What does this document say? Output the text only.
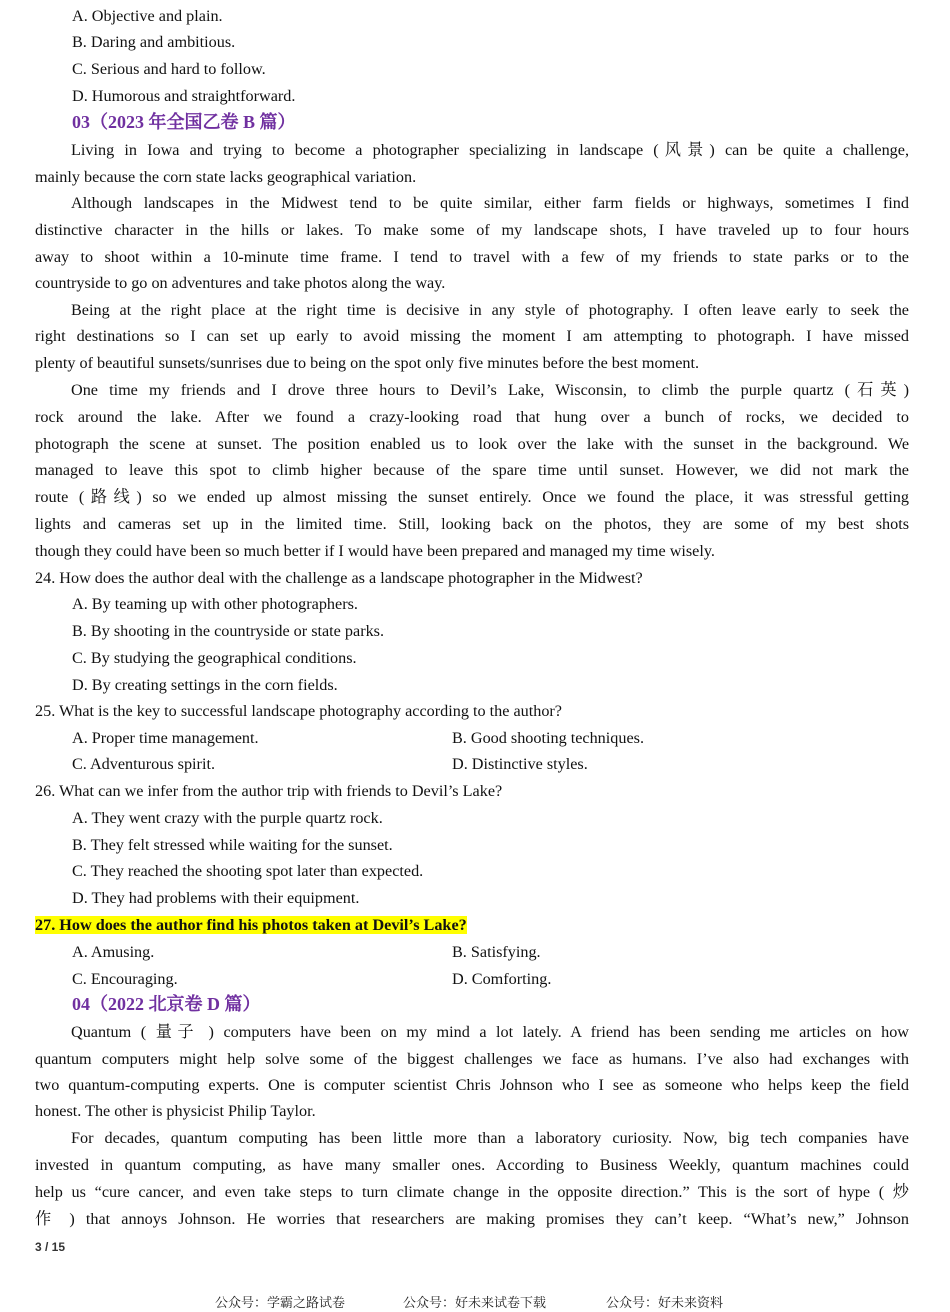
A. Objective and plain.
B. Daring and ambitious.
C. Serious and hard to follow.
D. Humorous and straightforward.
03（2023 年全国乙卷 B 篇）
Living in Iowa and trying to become a photographer specializing in landscape (风景) can be quite a challenge,
mainly because the corn state lacks geographical variation.
Although landscapes in the Midwest tend to be quite similar, either farm fields or highways, sometimes I find
distinctive character in the hills or lakes. To make some of my landscape shots, I have traveled up to four hours
away to shoot within a 10-minute time frame. I tend to travel with a few of my friends to state parks or to the
countryside to go on adventures and take photos along the way.
Being at the right place at the right time is decisive in any style of photography. I often leave early to seek the
right destinations so I can set up early to avoid missing the moment I am attempting to photograph. I have missed
plenty of beautiful sunsets/sunrises due to being on the spot only five minutes before the best moment.
One time my friends and I drove three hours to Devil’s Lake, Wisconsin, to climb the purple quartz (石英)
rock around the lake. After we found a crazy-looking road that hung over a bunch of rocks, we decided to
photograph the scene at sunset. The position enabled us to look over the lake with the sunset in the background. We
managed to leave this spot to climb higher because of the spare time until sunset. However, we did not mark the
route (路线) so we ended up almost missing the sunset entirely. Once we found the place, it was stressful getting
lights and cameras set up in the limited time. Still, looking back on the photos, they are some of my best shots
though they could have been so much better if I would have been prepared and managed my time wisely.
24. How does the author deal with the challenge as a landscape photographer in the Midwest?
A. By teaming up with other photographers.
B. By shooting in the countryside or state parks.
C. By studying the geographical conditions.
D. By creating settings in the corn fields.
25. What is the key to successful landscape photography according to the author?
A. Proper time management.	B. Good shooting techniques.
C. Adventurous spirit.	D. Distinctive styles.
26. What can we infer from the author trip with friends to Devil’s Lake?
A. They went crazy with the purple quartz rock.
B. They felt stressed while waiting for the sunset.
C. They reached the shooting spot later than expected.
D. They had problems with their equipment.
27. How does the author find his photos taken at Devil’s Lake?
A. Amusing.	B. Satisfying.
C. Encouraging.	D. Comforting.
04（2022 北京卷 D 篇）
Quantum ( 量子 ) computers have been on my mind a lot lately. A friend has been sending me articles on how
quantum computers might help solve some of the biggest challenges we face as humans. I’ve also had exchanges with
two quantum-computing experts. One is computer scientist Chris Johnson who I see as someone who helps keep the field
honest. The other is physicist Philip Taylor.
For decades, quantum computing has been little more than a laboratory curiosity. Now, big tech companies have
invested in quantum computing, as have many smaller ones. According to Business Weekly, quantum machines could
help us “cure cancer, and even take steps to turn climate change in the opposite direction.” This is the sort of hype ( 炒
作 ) that annoys Johnson. He worries that researchers are making promises they can’t keep. “What’s new,” Johnson
3 / 15
公众号：学霸之路试卷	公众号：好未来试卷下载	公众号：好未来资料
